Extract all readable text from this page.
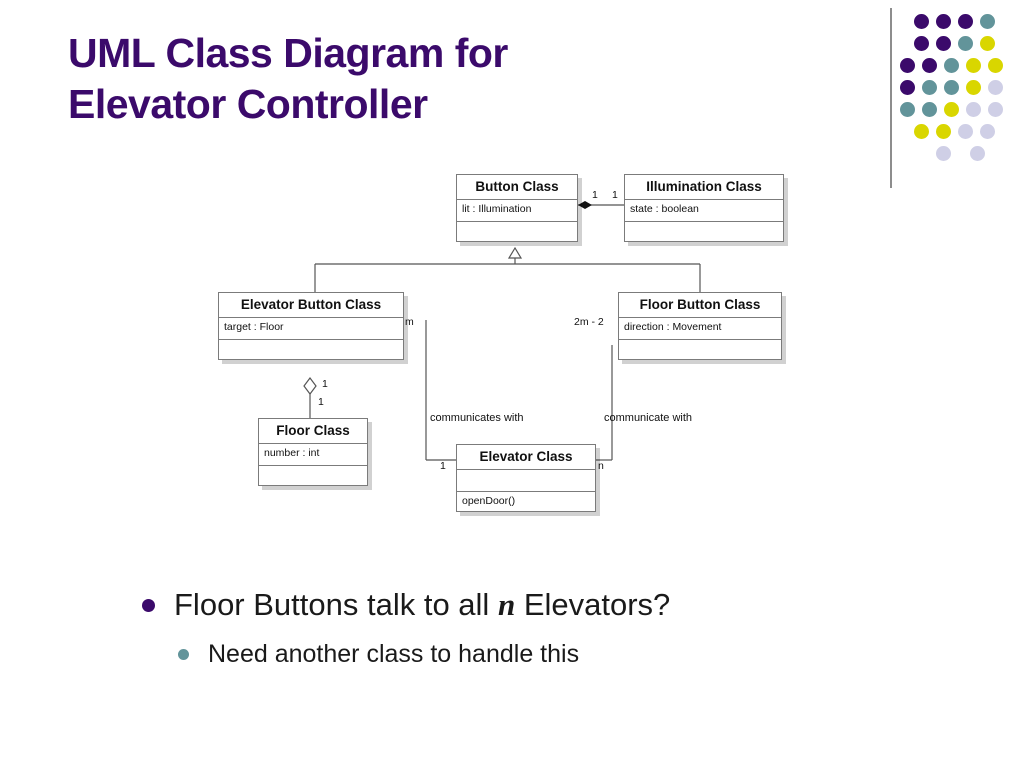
UML Class Diagram for
Elevator Controller
Button Class
lit : Illumination
Illumination Class
state : boolean
Elevator Button Class
target : Floor
Floor Button Class
direction : Movement
Floor Class
number : int	Elevator Class
openDoor()
1 1
m	2m - 2
1
1
1	n
communicates with	communicate with
Floor Buttons talk to all n Elevators?
Need another class to handle this
